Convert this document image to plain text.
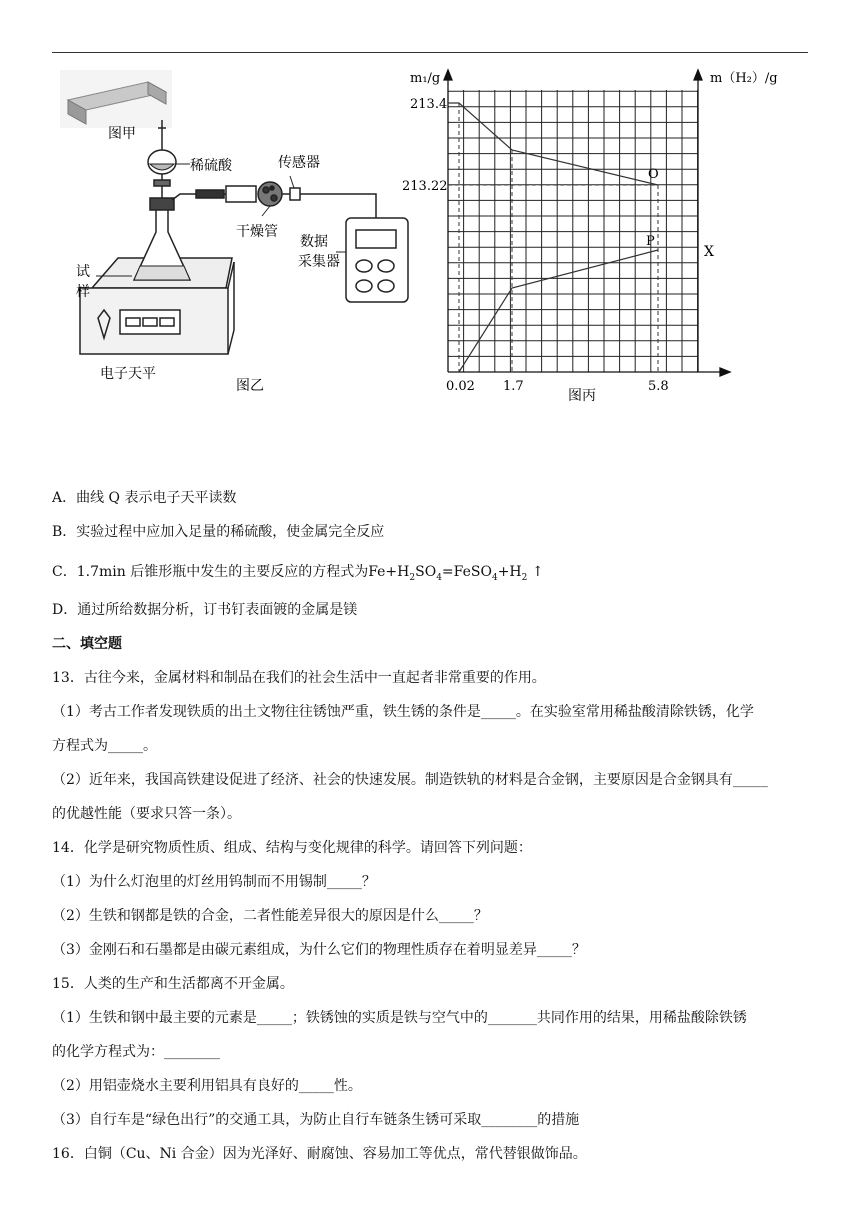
图甲
稀硫酸	传感器
干燥管
数据
采集器
试
样
电子天平
图乙
m₁/g	m（H₂）/g
213.4
213.22
0.02 1.7	5.8
O
P
X
图丙
A．曲线 Q 表示电子天平读数
B．实验过程中应加入足量的稀硫酸，使金属完全反应
C．1.7min 后锥形瓶中发生的主要反应的方程式为$Fe+H_2SO_4=FeSO_4+H_2$ ↑
D．通过所给数据分析，订书钉表面镀的金属是镁
二、填空题
13．古往今来，金属材料和制品在我们的社会生活中一直起者非常重要的作用。
（1）考古工作者发现铁质的出土文物往往锈蚀严重，铁生锈的条件是_____。在实验室常用稀盐酸清除铁锈，化学
方程式为_____。
（2）近年来，我国高铁建设促进了经济、社会的快速发展。制造铁轨的材料是合金钢，主要原因是合金钢具有_____
的优越性能（要求只答一条）。
14．化学是研究物质性质、组成、结构与变化规律的科学。请回答下列问题：
（1）为什么灯泡里的灯丝用钨制而不用锡制_____？
（2）生铁和钢都是铁的合金，二者性能差异很大的原因是什么_____？
（3）金刚石和石墨都是由碳元素组成，为什么它们的物理性质存在着明显差异_____？
15．人类的生产和生活都离不开金属。
（1）生铁和钢中最主要的元素是_____；铁锈蚀的实质是铁与空气中的_______共同作用的结果，用稀盐酸除铁锈
的化学方程式为：________
（2）用铝壶烧水主要利用铝具有良好的_____性。
（3）自行车是“绿色出行”的交通工具，为防止自行车链条生锈可采取________的措施
16．白铜（Cu、Ni 合金）因为光泽好、耐腐蚀、容易加工等优点，常代替银做饰品。
